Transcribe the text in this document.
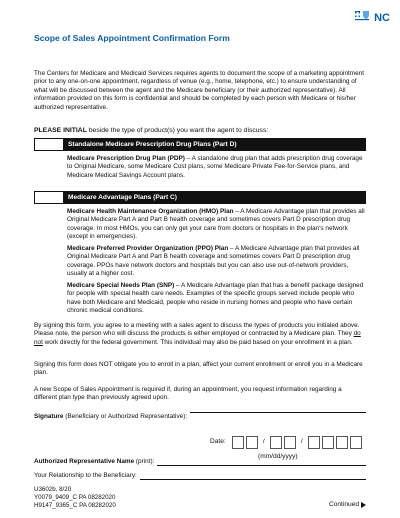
NC
Scope of Sales Appointment Confirmation Form
The Centers for Medicare and Medicaid Services requires agents to document the scope of a marketing appointment prior to any one-on-one appointment, regardless of venue (e.g., home, telephone, etc.) to ensure understanding of what will be discussed between the agent and the Medicare beneficiary (or their authorized representative). All information provided on this form is confidential and should be completed by each person with Medicare or his/her authorized representative.
PLEASE INITIAL beside the type of product(s) you want the agent to discuss:
Standalone Medicare Prescription Drug Plans (Part D)
Medicare Prescription Drug Plan (PDP) – A standalone drug plan that adds prescription drug coverage to Original Medicare, some Medicare Cost plans, some Medicare Private Fee-for-Service plans, and Medicare Medical Savings Account plans.
Medicare Advantage Plans (Part C)
Medicare Health Maintenance Organization (HMO) Plan – A Medicare Advantage plan that provides all Original Medicare Part A and Part B health coverage and sometimes covers Part D prescription drug coverage. In most HMOs, you can only get your care from doctors or hospitals in the plan's network (except in emergencies).
Medicare Preferred Provider Organization (PPO) Plan – A Medicare Advantage plan that provides all Original Medicare Part A and Part B health coverage and sometimes covers Part D prescription drug coverage. PPOs have network doctors and hospitals but you can also use out-of-network providers, usually at a higher cost.
Medicare Special Needs Plan (SNP) – A Medicare Advantage plan that has a benefit package designed for people with special health care needs. Examples of the specific groups served include people who have both Medicare and Medicaid, people who reside in nursing homes and people who have certain chronic medical conditions.
By signing this form, you agree to a meeting with a sales agent to discuss the types of products you initialed above. Please note, the person who will discuss the products is either employed or contracted by a Medicare plan. They do not work directly for the federal government. This individual may also be paid based on your enrollment in a plan.
Signing this form does NOT obligate you to enroll in a plan, affect your current enrollment or enroll you in a Medicare plan.
A new Scope of Sales Appointment is required if, during an appointment, you request information regarding a different plan type than previously agreed upon.
Signature (Beneficiary or Authorized Representative):
Date:	/	/
(mm/dd/yyyy)
Authorized Representative Name (print):
Your Relationship to the Beneficiary:
U3602b, 8/20
Y0079_9409_C PA 08282020
H9147_9365_C PA 08282020	Continued
